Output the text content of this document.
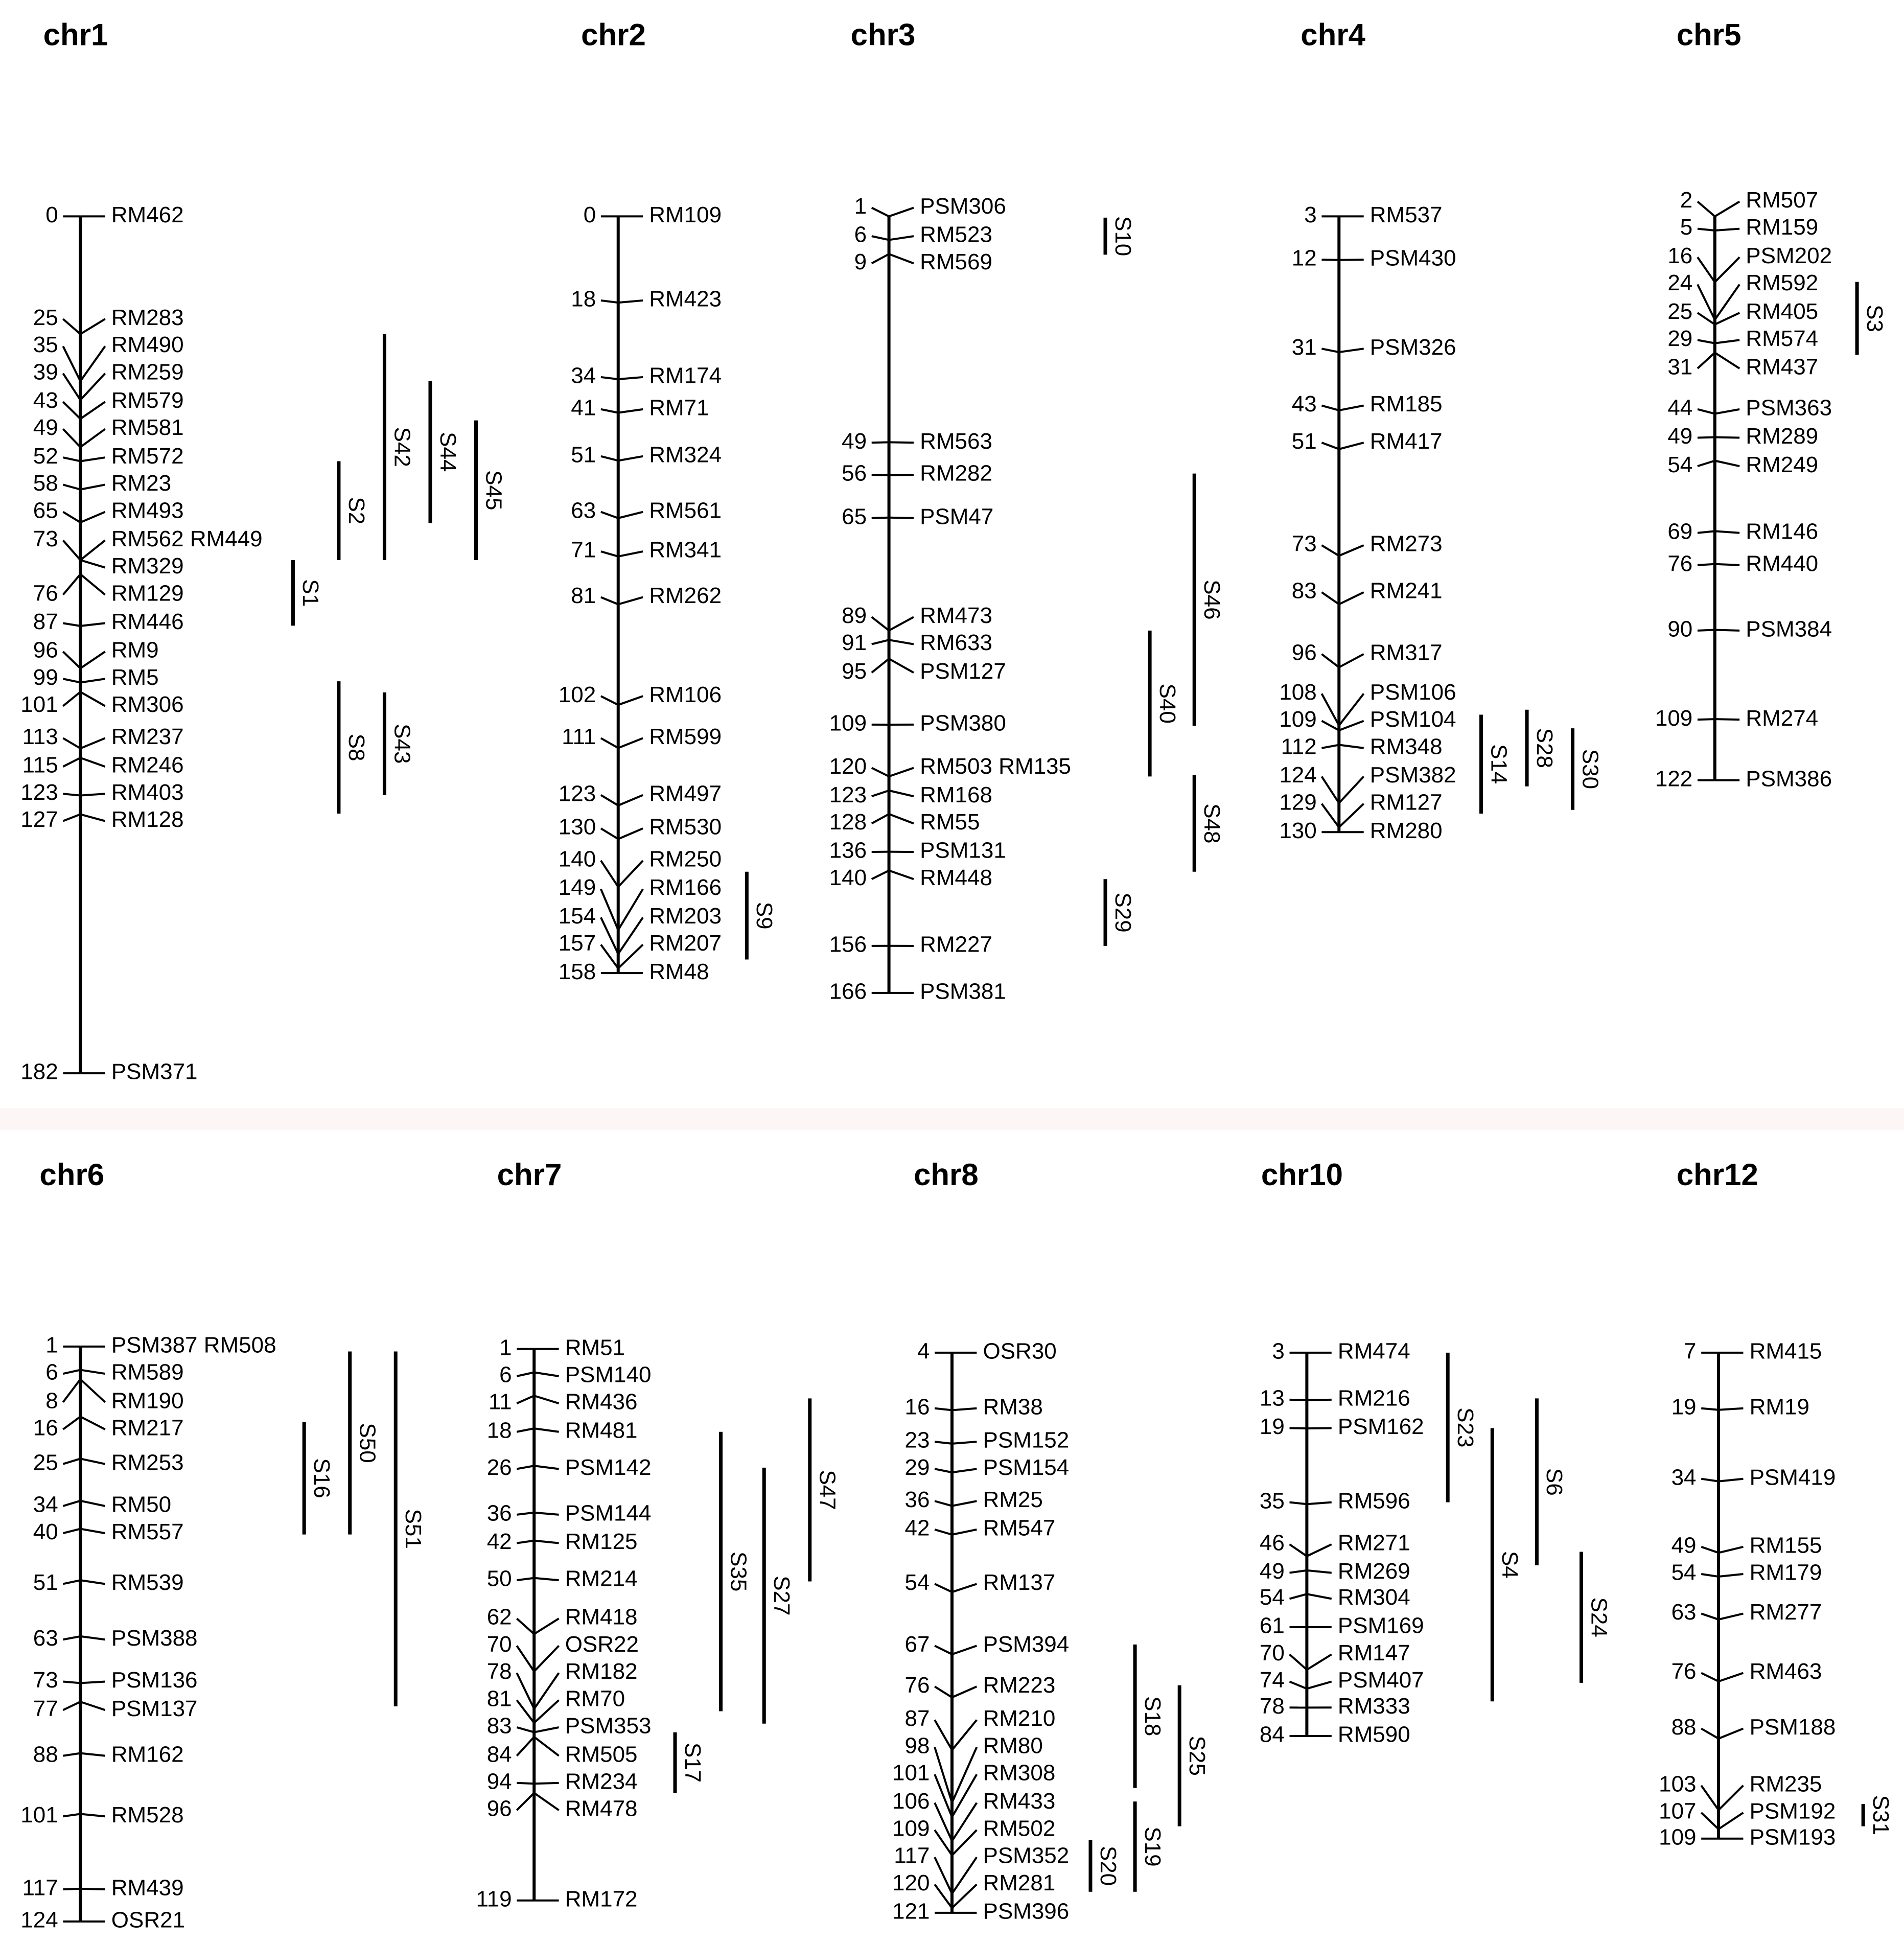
chr1
0 RM462
25 RM283
35 RM490
39 RM259
43 RM579
49 RM581
52 RM572
58 RM23
65 RM493
73 RM562 RM449
RM329
76 RM129
87 RM446
96 RM9
99 RM5
101 RM306
113 RM237
115 RM246
123 RM403
127 RM128
182 PSM371
S42 S44
S45
S2
S1
S8 S43
chr2
0 RM109
18 RM423
34 RM174
41 RM71
51 RM324
63 RM561
71 RM341
81 RM262
102 RM106
111 RM599
123 RM497
130 RM530
140 RM250
149 RM166
154 RM203
157 RM207
158 RM48
S9
chr3
1 PSM306
6 RM523
9 RM569
49 RM563
56 RM282
65 PSM47
89 RM473
91 RM633
95 PSM127
109 PSM380
120 RM503 RM135
123 RM168
128 RM55
136 PSM131
140 RM448
156 RM227
166 PSM381
S10
S46
S40
S48
S29
chr4
3 RM537
12 PSM430
31 PSM326
43 RM185
51 RM417
73 RM273
83 RM241
96 RM317
108 PSM106
109 PSM104
112 RM348
124 PSM382
129 RM127
130 RM280
S14 S28
S30
chr5
2 RM507
5 RM159
16 PSM202
24 RM592
25 RM405
29 RM574
31 RM437
44 PSM363
49 RM289
54 RM249
69 RM146
76 RM440
90 PSM384
109 RM274
122 PSM386
S3
chr6
1 PSM387 RM508
6 RM589
8 RM190
16 RM217
25 RM253
34 RM50
40 RM557
51 RM539
63 PSM388
73 PSM136
77 PSM137
88 RM162
101 RM528
117 RM439
124 OSR21
S50
S16
S51
chr7
1 RM51
6 PSM140
11 RM436
18 RM481
26 PSM142
36 PSM144
42 RM125
50 RM214
62 RM418
70 OSR22
78 RM182
81 RM70
83 PSM353
84 RM505
94 RM234
96 RM478
119 RM172
S47
S35
S27
S17
chr8
4 OSR30
16 RM38
23 PSM152
29 PSM154
36 RM25
42 RM547
54 RM137
67 PSM394
76 RM223
87 RM210
98 RM80
101 RM308
106 RM433
109 RM502
117 PSM352
120 RM281
121 PSM396
S18
S25
S19
S20
chr10
3 RM474
13 RM216
19 PSM162
35 RM596
46 RM271
49 RM269
54 RM304
61 PSM169
70 RM147
74 PSM407
78 RM333
84 RM590
S23
S6
S4
S24
chr12
7 RM415
19 RM19
34 PSM419
49 RM155
54 RM179
63 RM277
76 RM463
88 PSM188
103 RM235
107 PSM192
109 PSM193
S31
